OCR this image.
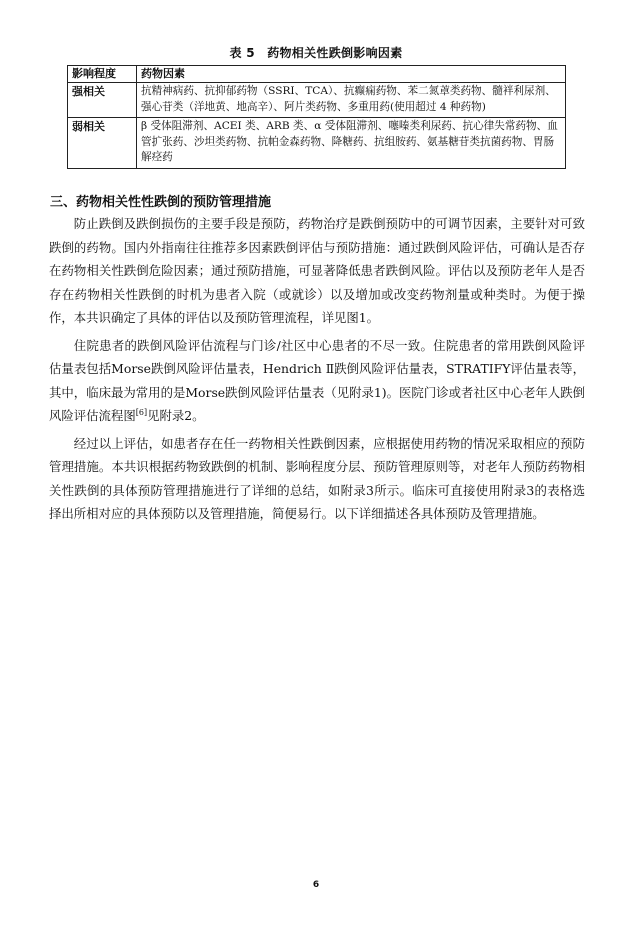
表 5　药物相关性跌倒影响因素
影响程度	药物因素
强相关	抗精神病药、抗抑郁药物（SSRI、TCA）、抗癫痫药物、苯二氮䓬类药物、髓袢利尿剂、强心苷类（洋地黄、地高辛）、阿片类药物、多重用药(使用超过 4 种药物)
弱相关	β 受体阻滞剂、ACEI 类、ARB 类、α 受体阻滞剂、噻嗪类利尿药、抗心律失常药物、血管扩张药、沙坦类药物、抗帕金森药物、降糖药、抗组胺药、氨基糖苷类抗菌药物、胃肠解痉药
三、药物相关性性跌倒的预防管理措施

防止跌倒及跌倒损伤的主要手段是预防，药物治疗是跌倒预防中的可调节因素，主要针对可致跌倒的药物。国内外指南往往推荐多因素跌倒评估与预防措施：通过跌倒风险评估，可确认是否存在药物相关性跌倒危险因素；通过预防措施，可显著降低患者跌倒风险。评估以及预防老年人是否存在药物相关性跌倒的时机为患者入院（或就诊）以及增加或改变药物剂量或种类时。为便于操作，本共识确定了具体的评估以及预防管理流程，详见图1。

住院患者的跌倒风险评估流程与门诊/社区中心患者的不尽一致。住院患者的常用跌倒风险评估量表包括Morse跌倒风险评估量表，Hendrich Ⅱ跌倒风险评估量表，STRATIFY评估量表等，其中，临床最为常用的是Morse跌倒风险评估量表（见附录1)。医院门诊或者社区中心老年人跌倒风险评估流程图[6]见附录2。

经过以上评估，如患者存在任一药物相关性跌倒因素，应根据使用药物的情况采取相应的预防管理措施。本共识根据药物致跌倒的机制、影响程度分层、预防管理原则等，对老年人预防药物相关性跌倒的具体预防管理措施进行了详细的总结，如附录3所示。临床可直接使用附录3的表格选择出所相对应的具体预防以及管理措施，简便易行。以下详细描述各具体预防及管理措施。

6
